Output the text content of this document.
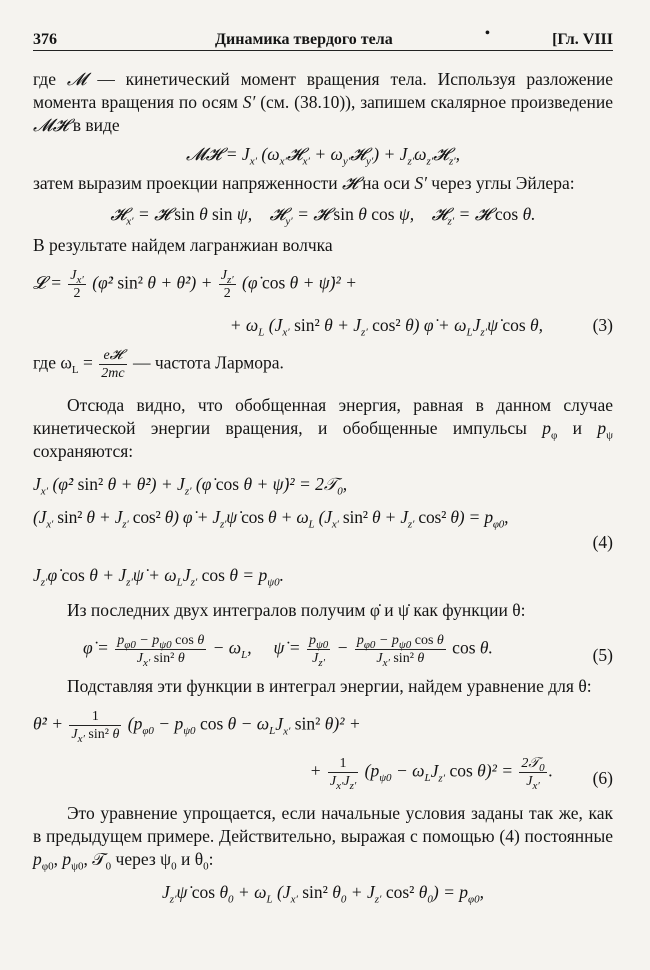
376	Динамика твердого тела	[Гл. VIII
•

где 𝓜 — кинетический момент вращения тела. Используя разложение момента вращения по осям S′ (см. (38.10)), запишем скалярное произведение 𝓜𝓗 в виде

𝓜𝓗 = $J_{x'}$ ($\omega_{x'}𝓗_{x'}$ + $\omega_{y'}𝓗_{y'}$) + $J_{z'}\omega_{z'}𝓗_{z'}$,

затем выразим проекции напряженности 𝓗 на оси S′ через углы Эйлера:

𝓗$_{x'}$ = 𝓗 sin θ sin ψ,    𝓗$_{y'}$ = 𝓗 sin θ cos ψ,    𝓗$_{z'}$ = 𝓗 cos θ.

В результате найдем лагранжиан волчка

𝓛 = $\frac{J_{x'}}{2}$ (φ̇² sin² θ + θ̇²) + $\frac{J_{z'}}{2}$ (φ̇ cos θ + ψ̇)² +
+ $\omega_L$ ($J_{x'}$ sin² $\theta + J_{z'}$ cos² θ) φ̇ + $\omega_LJ_{z'}\psi̇$ cos θ,	(3)

где $\omega_L$ = e𝓗
2mc
— частота Лармора.

Отсюда видно, что обобщенная энергия, равная в данном случае кинетической энергии вращения, и обобщенные импульсы $p_\varphi$ и $p_\psi$ сохраняются:

$J_{x'}$ (φ̇² sin² θ + θ̇²) + $J_{z'}$ (φ̇ cos θ + ψ̇)² = 2𝒯$_0$,
($J_{x'}$ sin² $\theta + J_{z'}$ cos² θ) φ̇ + $J_{z'}\psi̇$ $\cos \theta + \omega_L$ ($J_{x'}$ sin² $\theta + J_{z'}$ cos² $\theta) = p_{\varphi 0}$,
(4)
$J_{z'}\varphi̇$ $\cos \theta + J_{z'}\psi̇ + \omega_LJ_{z'}$ $\cos \theta = p_{\psi 0}$.

Из последних двух интегралов получим φ̇ и ψ̇ как функции θ:

φ̇ = $\frac{p_{\varphi 0} - p_{\psi 0} \cos \theta}{J_{x'} \sin^2 \theta} - \omega_L$,     ψ̇ = $\frac{p_{\psi 0}}{J_{z'}} - \frac{p_{\varphi 0} - p_{\psi 0} \cos \theta}{J_{x'} \sin^2 \theta}$ cos θ.	(5)

Подставляя эти функции в интеграл энергии, найдем уравнение для θ:

θ̇² + $\frac{1}{J_{x'} \sin^2 \theta} (p_{\varphi 0} - p_{\psi 0}$ $\cos \theta - \omega_LJ_{x'}$ sin² θ)² +
+ $\frac{1}{J_{x'}J_{z'}} (p_{\psi 0} - \omega_LJ_{z'}$ cos θ)² = 2𝒯$_0$
$J_{x'}$
.	(6)

Это уравнение упрощается, если начальные условия заданы так же, как в предыдущем примере. Действительно, выражая с помощью (4) постоянные $p_{\varphi 0}$, $p_{\psi 0}$, 𝒯$_0$ через $\psi_0$ и $\theta_0$:

$J_{z'}\psi̇$ $\cos \theta_0 + \omega_L$ ($J_{x'}$ sin² $\theta_0 + J_{z'}$ cos² $\theta_0) = p_{\varphi 0}$,
